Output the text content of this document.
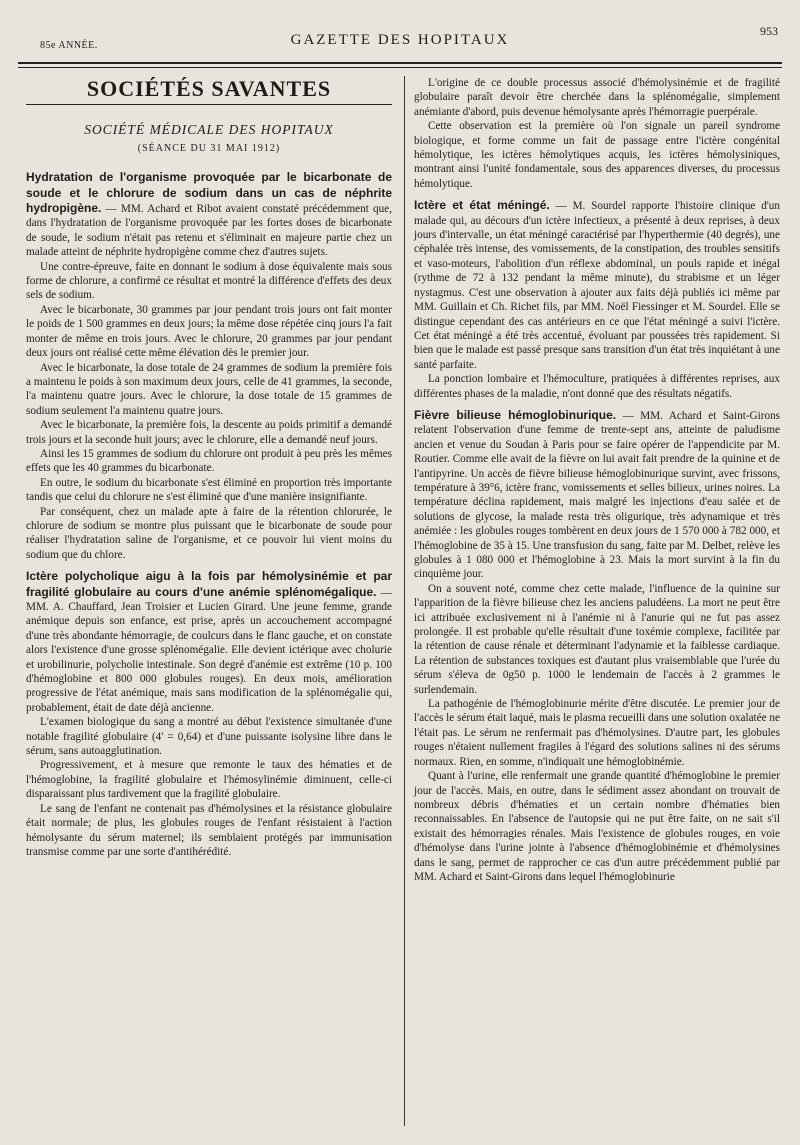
85e ANNÉE.	GAZETTE DES HOPITAUX
953
SOCIÉTÉS SAVANTES
SOCIÉTÉ MÉDICALE DES HOPITAUX
(SÉANCE DU 31 MAI 1912)

Hydratation de l'organisme provoquée par le bicarbonate de soude et le chlorure de sodium dans un cas de néphrite hydropigène. — MM. Achard et Ribot avaient constaté précédemment que, dans l'hydratation de l'organisme provoquée par les fortes doses de bicarbonate de soude, le sodium n'était pas retenu et s'éliminait en majeure partie chez un malade atteint de néphrite hydropigène comme chez d'autres sujets.

Une contre-épreuve, faite en donnant le sodium à dose équivalente mais sous forme de chlorure, a confirmé ce résultat et montré la différence d'effets des deux sels de sodium.

Avec le bicarbonate, 30 grammes par jour pendant trois jours ont fait monter le poids de 1 500 grammes en deux jours; la même dose répétée cinq jours l'a fait monter de même en trois jours. Avec le chlorure, 20 grammes par jour pendant deux jours ont réalisé cette même élévation dès le premier jour.

Avec le bicarbonate, la dose totale de 24 grammes de sodium la première fois a maintenu le poids à son maximum deux jours, celle de 41 grammes, la seconde, l'a maintenu quatre jours. Avec le chlorure, la dose totale de 15 grammes de sodium seulement l'a maintenu quatre jours.

Avec le bicarbonate, la première fois, la descente au poids primitif a demandé trois jours et la seconde huit jours; avec le chlorure, elle a demandé neuf jours.

Ainsi les 15 grammes de sodium du chlorure ont produit à peu près les mêmes effets que les 40 grammes du bicarbonate.

En outre, le sodium du bicarbonate s'est éliminé en proportion très importante tandis que celui du chlorure ne s'est éliminé que d'une manière insignifiante.

Par conséquent, chez un malade apte à faire de la rétention chlorurée, le chlorure de sodium se montre plus puissant que le bicarbonate de soude pour réaliser l'hydratation saline de l'organisme, et ce pouvoir lui vient moins du sodium que du chlore.

Ictère polycholique aigu à la fois par hémolysinémie et par fragilité globulaire au cours d'une anémie splénomégalique. — MM. A. Chauffard, Jean Troisier et Lucien Girard. Une jeune femme, grande anémique depuis son enfance, est prise, après un accouchement accompagné d'une très abondante hémorragie, de coulcurs dans le flanc gauche, et on constate alors l'existence d'une grosse splénomégalie. Elle devient ictérique avec cholurie et urobilinurie, polycholie intestinale. Son degré d'anémie est extrême (10 p. 100 d'hémoglobine et 800 000 globules rouges). En deux mois, amélioration progressive de l'état anémique, mais sans modification de la splénomégalie qui, probablement, était de date déjà ancienne.

L'examen biologique du sang a montré au début l'existence simultanée d'une notable fragilité globulaire (4' = 0,64) et d'une puissante isolysine libre dans le sérum, sans autoagglutination.

Progressivement, et à mesure que remonte le taux des hématies et de l'hémoglobine, la fragilité globulaire et l'hémosylinémie diminuent, celle-ci disparaissant plus tardivement que la fragilité globulaire.

Le sang de l'enfant ne contenait pas d'hémolysines et la résistance globulaire était normale; de plus, les globules rouges de l'enfant résistaient à l'action hémolysante du sérum maternel; ils semblaient protégés par immunisation transmise comme par une sorte d'antihérédité.

L'origine de ce double processus associé d'hémolysinémie et de fragilité globulaire paraît devoir être cherchée dans la splénomégalie, simplement anémiante d'abord, puis devenue hémolysante après l'hémorragie puerpérale.

Cette observation est la première où l'on signale un pareil syndrome biologique, et forme comme un fait de passage entre l'ictère congénital hémolytique, les ictères hémolytiques acquis, les ictères hémolysiniques, montrant ainsi l'unité fondamentale, sous des apparences diverses, du processus hémolytique.

Ictère et état méningé. — M. Sourdel rapporte l'histoire clinique d'un malade qui, au décours d'un ictère infectieux, a présenté à deux reprises, à deux jours d'intervalle, un état méningé caractérisé par l'hyperthermie (40 degrés), une céphalée très intense, des vomissements, de la constipation, des troubles sensitifs et vaso-moteurs, l'abolition d'un réflexe abdominal, un pouls rapide et inégal (rythme de 72 à 132 pendant la même minute), du strabisme et un léger nystagmus. C'est une observation à ajouter aux faits déjà publiés ici même par MM. Guillain et Ch. Richet fils, par MM. Noël Fiessinger et M. Sourdel. Elle se distingue cependant des cas antérieurs en ce que l'état méningé a suivi l'ictère. Cet état méningé a été très accentué, évoluant par poussées très rapidement. Si bien que le malade est passé presque sans transition d'un état très inquiétant à une santé parfaite.

La ponction lombaire et l'hémoculture, pratiquées à différentes reprises, aux différentes phases de la maladie, n'ont donné que des résultats négatifs.

Fièvre bilieuse hémoglobinurique. — MM. Achard et Saint-Girons relatent l'observation d'une femme de trente-sept ans, atteinte de paludisme ancien et venue du Soudan à Paris pour se faire opérer de l'appendicite par M. Routier. Comme elle avait de la fièvre on lui avait fait prendre de la quinine et de l'antipyrine. Un accès de fièvre bilieuse hémoglobinurique survint, avec frissons, température à 39°6, ictère franc, vomissements et selles bilieux, urines noires. La température déclina rapidement, mais malgré les injections d'eau salée et de solutions de glycose, la malade resta très oligurique, très adynamique et très anémiée : les globules rouges tombèrent en deux jours de 1 570 000 à 782 000, et l'hémoglobine de 35 à 15. Une transfusion du sang, faite par M. Delbet, relève les globules à 1 080 000 et l'hémoglobine à 23. Mais la mort survint à la fin du cinquième jour.

On a souvent noté, comme chez cette malade, l'influence de la quinine sur l'apparition de la fièvre bilieuse chez les anciens paludéens. La mort ne peut être ici attribuée exclusivement ni à l'anémie ni à l'anurie qui ne fut pas assez prolongée. Il est probable qu'elle résultait d'une toxémie complexe, facilitée par la rétention de cause rénale et déterminant l'adynamie et la faiblesse cardiaque. La rétention de substances toxiques est d'autant plus vraisemblable que l'urée du sérum s'éleva de 0g50 p. 1000 le lendemain de l'accès à 2 grammes le surlendemain.

La pathogénie de l'hémoglobinurie mérite d'être discutée. Le premier jour de l'accès le sérum était laqué, mais le plasma recueilli dans une solution oxalatée ne l'était pas. Le sérum ne renfermait pas d'hémolysines. D'autre part, les globules rouges n'étaient nullement fragiles à l'égard des solutions salines ni des sérums normaux. Rien, en somme, n'indiquait une hémoglobinémie.

Quant à l'urine, elle renfermait une grande quantité d'hémoglobine le premier jour de l'accès. Mais, en outre, dans le sédiment assez abondant on trouvait de nombreux débris d'hématies et un certain nombre d'hématies bien reconnaissables. En l'absence de l'autopsie qui ne put être faite, on ne sait s'il existait des hémorragies rénales. Mais l'existence de globules rouges, en voie d'hémolyse dans l'urine jointe à l'absence d'hémoglobinémie et d'hémolysines dans le sang, permet de rapprocher ce cas d'un autre précédemment publié par MM. Achard et Saint-Girons dans lequel l'hémoglobinurie
